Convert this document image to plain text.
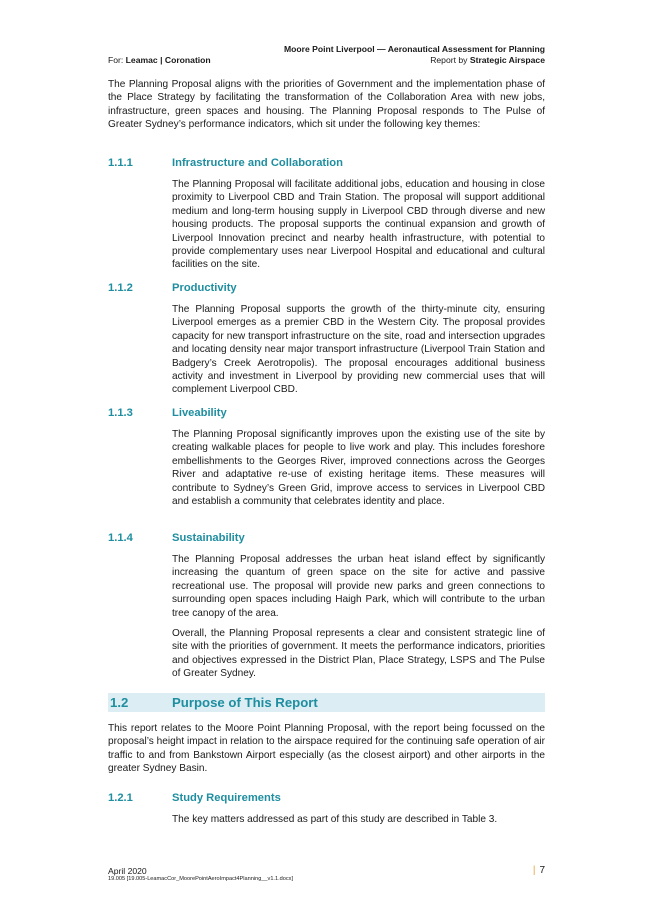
Moore Point Liverpool — Aeronautical Assessment for Planning
For: Leamac | Coronation	Report by Strategic Airspace
The Planning Proposal aligns with the priorities of Government and the implementation phase of the Place Strategy by facilitating the transformation of the Collaboration Area with new jobs, infrastructure, green spaces and housing. The Planning Proposal responds to The Pulse of Greater Sydney’s performance indicators, which sit under the following key themes:
1.1.1	Infrastructure and Collaboration

The Planning Proposal will facilitate additional jobs, education and housing in close proximity to Liverpool CBD and Train Station. The proposal will support additional medium and long-term housing supply in Liverpool CBD through diverse and new housing products. The proposal supports the continual expansion and growth of Liverpool Innovation precinct and nearby health infrastructure, with potential to provide complementary uses near Liverpool Hospital and educational and cultural facilities on the site.

1.1.2	Productivity

The Planning Proposal supports the growth of the thirty-minute city, ensuring Liverpool emerges as a premier CBD in the Western City. The proposal provides capacity for new transport infrastructure on the site, road and intersection upgrades and locating density near major transport infrastructure (Liverpool Train Station and Badgery’s Creek Aerotropolis). The proposal encourages additional business activity and investment in Liverpool by providing new commercial uses that will complement Liverpool CBD.

1.1.3	Liveability

The Planning Proposal significantly improves upon the existing use of the site by creating walkable places for people to live work and play. This includes foreshore embellishments to the Georges River, improved connections across the Georges River and adaptative re-use of existing heritage items. These measures will contribute to Sydney’s Green Grid, improve access to services in Liverpool CBD and establish a community that celebrates identity and place.

1.1.4	Sustainability

The Planning Proposal addresses the urban heat island effect by significantly increasing the quantum of green space on the site for active and passive recreational use. The proposal will provide new parks and green connections to surrounding open spaces including Haigh Park, which will contribute to the urban tree canopy of the area.

Overall, the Planning Proposal represents a clear and consistent strategic line of site with the priorities of government. It meets the performance indicators, priorities and objectives expressed in the District Plan, Place Strategy, LSPS and The Pulse of Greater Sydney.

1.2	Purpose of This Report
This report relates to the Moore Point Planning Proposal, with the report being focussed on the proposal’s height impact in relation to the airspace required for the continuing safe operation of air traffic to and from Bankstown Airport especially (as the closest airport) and other airports in the greater Sydney Basin.
1.2.1	Study Requirements
The key matters addressed as part of this study are described in Table 3.
April 2020
19.005 [19.005-LeamacCor_MoorePointAeroImpact4Planning__v1.1.docx]
| 7
